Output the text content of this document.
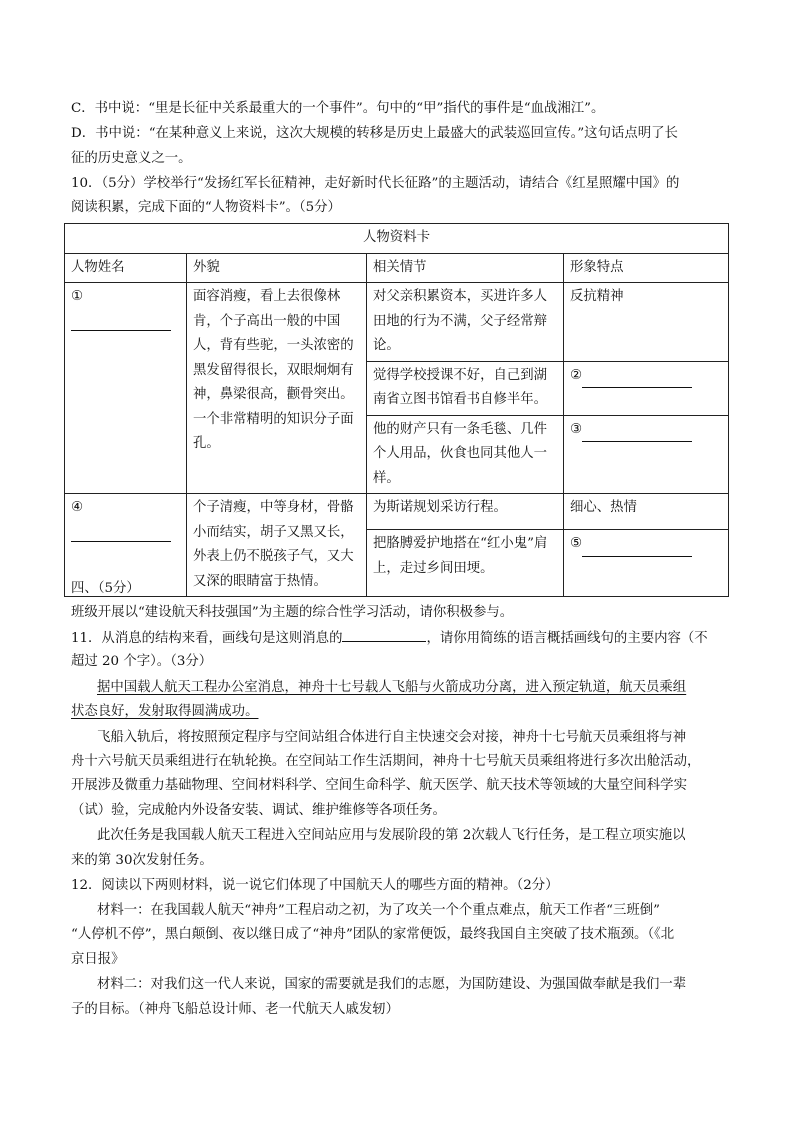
C．书中说：“里是长征中关系最重大的一个事件”。句中的“甲”指代的事件是“血战湘江”。
D．书中说：“在某种意义上来说，这次大规模的转移是历史上最盛大的武装巡回宣传。”这句话点明了长
征的历史意义之一。
10．（5分）学校举行“发扬红军长征精神，走好新时代长征路”的主题活动，请结合《红星照耀中国》的
阅读积累，完成下面的“人物资料卡”。（5分）
人物资料卡			
人物姓名	外貌	相关情节	形象特点
①	面容消瘦，看上去很像林肯，个子高出一般的中国人，背有些驼，一头浓密的黑发留得很长，双眼炯炯有神，鼻梁很高，颧骨突出。一个非常精明的知识分子面孔。	对父亲积累资本，买进许多人田地的行为不满，父子经常辩论。	反抗精神
		觉得学校授课不好，自己到湖南省立图书馆看书自修半年。	②
		他的财产只有一条毛毯、几件个人用品，伙食也同其他人一样。	③
④	个子清瘦，中等身材，骨骼小而结实，胡子又黑又长，外表上仍不脱孩子气，又大又深的眼睛富于热情。	为斯诺规划采访行程。	细心、热情
		把胳膊爱护地搭在“红小鬼”肩上，走过乡间田埂。	⑤
四、（5分）
班级开展以“建设航天科技强国”为主题的综合性学习活动，请你积极参与。
11．从消息的结构来看，画线句是这则消息的	，请你用简练的语言概括画线句的主要内容（不
超过 20 个字）。（3分）
据中国载人航天工程办公室消息，神舟十七号载人飞船与火箭成功分离，进入预定轨道，航天员乘组
状态良好，发射取得圆满成功。
飞船入轨后，将按照预定程序与空间站组合体进行自主快速交会对接，神舟十七号航天员乘组将与神
舟十六号航天员乘组进行在轨轮换。在空间站工作生活期间，神舟十七号航天员乘组将进行多次出舱活动，
开展涉及微重力基础物理、空间材料科学、空间生命科学、航天医学、航天技术等领域的大量空间科学实
（试）验，完成舱内外设备安装、调试、维护维修等各项任务。
此次任务是我国载人航天工程进入空间站应用与发展阶段的第 2次载人飞行任务，是工程立项实施以
来的第 30次发射任务。
12．阅读以下两则材料，说一说它们体现了中国航天人的哪些方面的精神。（2分）
材料一：在我国载人航天“神舟”工程启动之初，为了攻关一个个重点难点，航天工作者“三班倒”
“人停机不停”，黑白颠倒、夜以继日成了“神舟”团队的家常便饭，最终我国自主突破了技术瓶颈。（《北
京日报》
材料二：对我们这一代人来说，国家的需要就是我们的志愿，为国防建设、为强国做奉献是我们一辈
子的目标。（神舟飞船总设计师、老一代航天人戚发轫）
